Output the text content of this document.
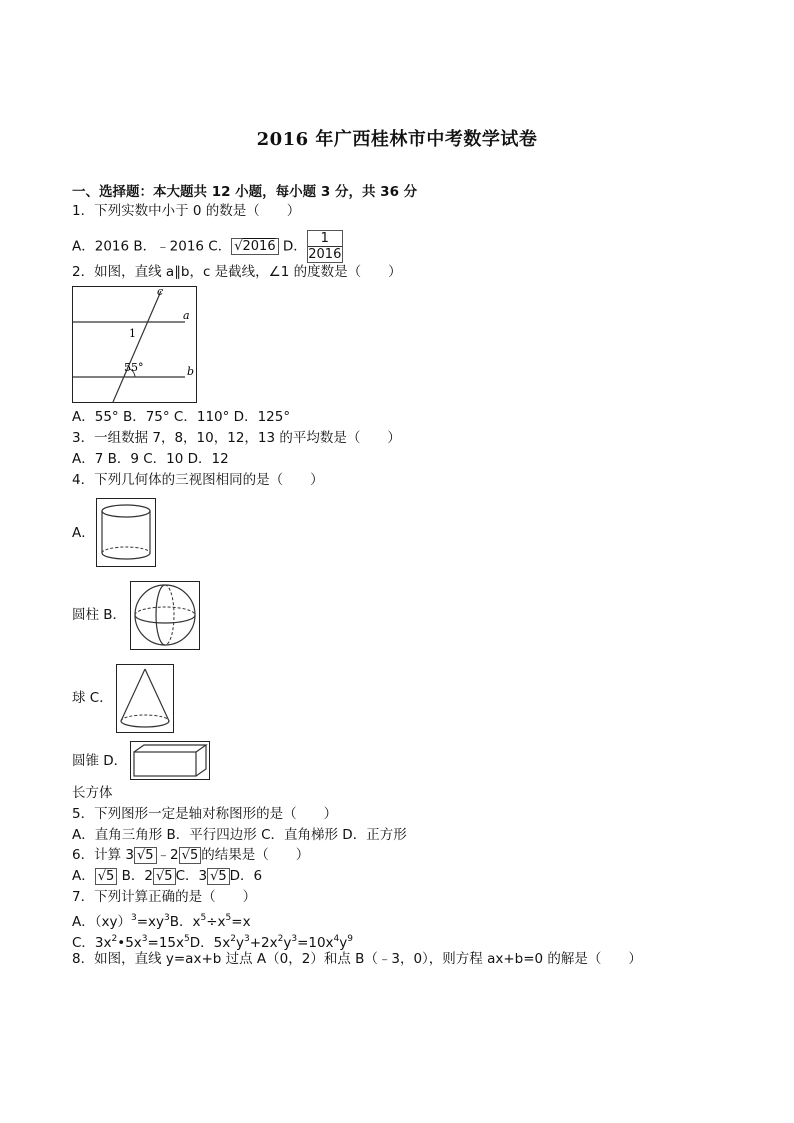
2016 年广西桂林市中考数学试卷
一、选择题：本大题共 12 小题，每小题 3 分，共 36 分
1．下列实数中小于 0 的数是（　　）
A．2016 B．﹣2016 C． √2016 D． $\frac{1}{2016}$
2．如图，直线 a∥b，c 是截线，∠1 的度数是（　　）
c
a
b
1
55°
A．55° B．75° C．110° D．125°
3．一组数据 7，8，10，12，13 的平均数是（　　）
A．7 B．9 C．10 D．12
4．下列几何体的三视图相同的是（　　）
A．
圆柱 B．
球 C．
圆锥 D．
长方体
5．下列图形一定是轴对称图形的是（　　）
A．直角三角形 B．平行四边形 C．直角梯形 D．正方形
6．计算 3 √5 ﹣2 √5 的结果是（　　）
A． √5 B．2 √5 C．3 √5 D．6
7．下列计算正确的是（　　）
A．$(xy)^3=xy^3B$．$x^5\div x^5=x$
C．$3x^2•5x^3=15x^5D$．$5x^2y^3+2x^2y^3=10x^4y^9$
8．如图，直线 y=ax+b 过点 A（0，2）和点 B（﹣3，0），则方程 ax+b=0 的解是（　　）
